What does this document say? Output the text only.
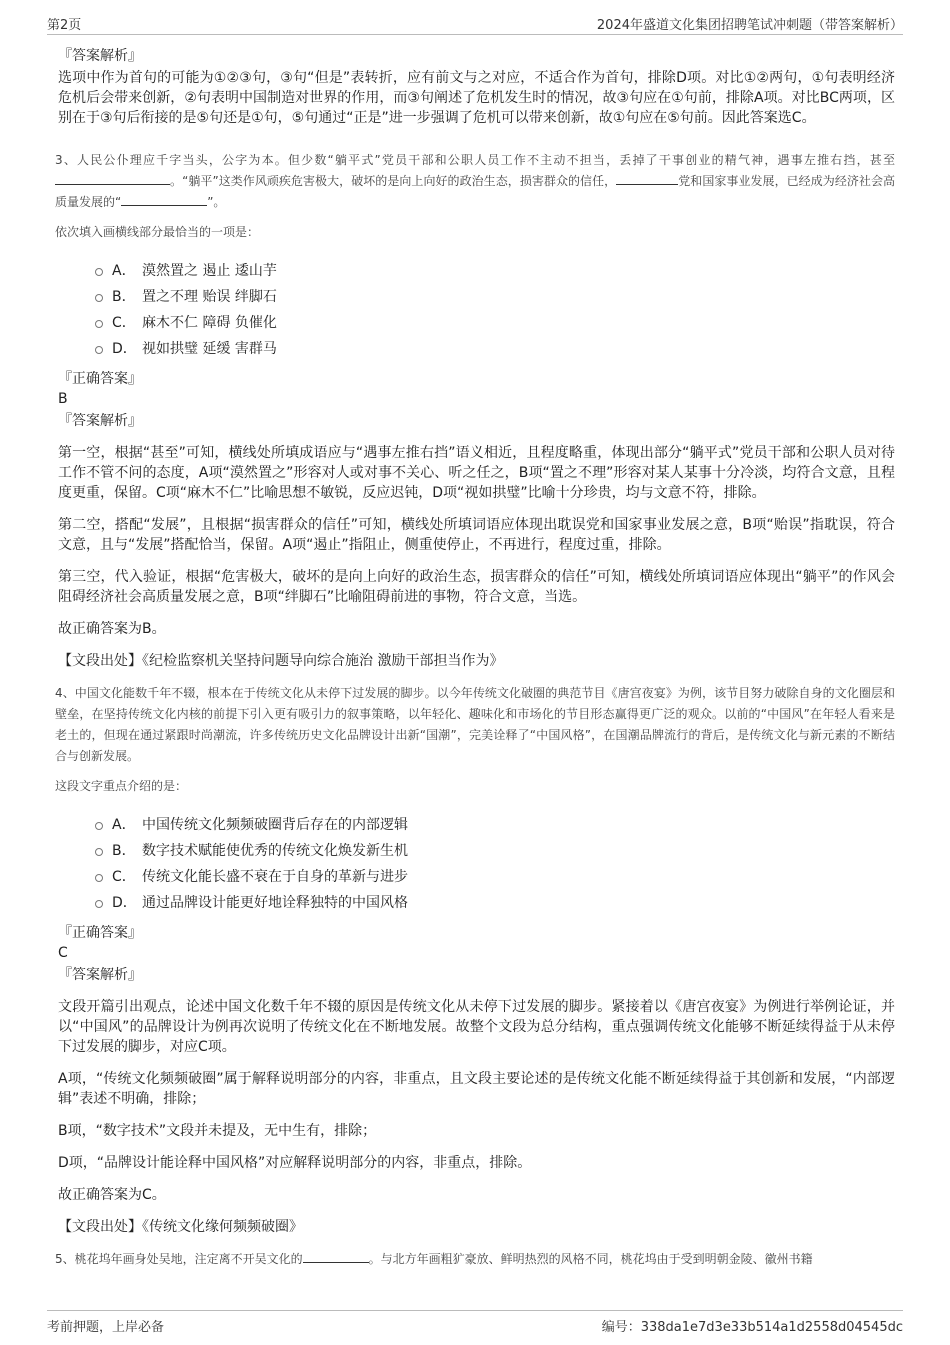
第2页	2024年盛道文化集团招聘笔试冲刺题（带答案解析）
『答案解析』
选项中作为首句的可能为①②③句，③句“但是”表转折，应有前文与之对应，不适合作为首句，排除D项。对比①②两句，①句表明经济危机后会带来创新，②句表明中国制造对世界的作用，而③句阐述了危机发生时的情况，故③句应在①句前，排除A项。对比BC两项，区别在于③句后衔接的是⑤句还是①句，⑤句通过“正是”进一步强调了危机可以带来创新，故①句应在⑤句前。因此答案选C。
3、人民公仆理应千字当头，公字为本。但少数“躺平式”党员干部和公职人员工作不主动不担当，丢掉了干事创业的精气神，遇事左推右挡，甚至。“躺平”这类作风顽疾危害极大，破坏的是向上向好的政治生态，损害群众的信任，	党和国家事业发展，已经成为经济社会高质量发展的“	”。
依次填入画横线部分最恰当的一项是：
A． 漠然置之 遏止 逶山芋
B． 置之不理 贻误 绊脚石
C． 麻木不仁 障碍 负催化
D． 视如拱璧 延缓 害群马
『正确答案』
B
『答案解析』
第一空，根据“甚至”可知，横线处所填成语应与“遇事左推右挡”语义相近，且程度略重，体现出部分“躺平式”党员干部和公职人员对待工作不管不问的态度，A项“漠然置之”形容对人或对事不关心、听之任之，B项“置之不理”形容对某人某事十分冷淡，均符合文意，且程度更重，保留。C项“麻木不仁”比喻思想不敏锐，反应迟钝，D项“视如拱璧”比喻十分珍贵，均与文意不符，排除。
第二空，搭配“发展”，且根据“损害群众的信任”可知，横线处所填词语应体现出耽误党和国家事业发展之意，B项“贻误”指耽误，符合文意，且与“发展”搭配恰当，保留。A项“遏止”指阻止，侧重使停止，不再进行，程度过重，排除。
第三空，代入验证，根据“危害极大，破坏的是向上向好的政治生态，损害群众的信任”可知，横线处所填词语应体现出“躺平”的作风会阻碍经济社会高质量发展之意，B项“绊脚石”比喻阻碍前进的事物，符合文意，当选。
故正确答案为B。
【文段出处】《纪检监察机关坚持问题导向综合施治 激励干部担当作为》
4、中国文化能数千年不辍，根本在于传统文化从未停下过发展的脚步。以今年传统文化破圈的典范节目《唐宫夜宴》为例，该节目努力破除自身的文化圈层和壁垒，在坚持传统文化内核的前提下引入更有吸引力的叙事策略，以年轻化、趣味化和市场化的节目形态赢得更广泛的观众。以前的“中国风”在年轻人看来是老土的，但现在通过紧跟时尚潮流，许多传统历史文化品牌设计出新“国潮”，完美诠释了“中国风格”，在国潮品牌流行的背后，是传统文化与新元素的不断结合与创新发展。
这段文字重点介绍的是：
A． 中国传统文化频频破圈背后存在的内部逻辑
B． 数字技术赋能使优秀的传统文化焕发新生机
C． 传统文化能长盛不衰在于自身的革新与进步
D． 通过品牌设计能更好地诠释独特的中国风格
『正确答案』
C
『答案解析』
文段开篇引出观点，论述中国文化数千年不辍的原因是传统文化从未停下过发展的脚步。紧接着以《唐宫夜宴》为例进行举例论证，并以“中国风”的品牌设计为例再次说明了传统文化在不断地发展。故整个文段为总分结构，重点强调传统文化能够不断延续得益于从未停下过发展的脚步，对应C项。
A项，“传统文化频频破圈”属于解释说明部分的内容，非重点，且文段主要论述的是传统文化能不断延续得益于其创新和发展，“内部逻辑”表述不明确，排除；
B项，“数字技术”文段并未提及，无中生有，排除；
D项，“品牌设计能诠释中国风格”对应解释说明部分的内容，非重点，排除。
故正确答案为C。
【文段出处】《传统文化缘何频频破圈》
5、桃花坞年画身处吴地，注定离不开吴文化的	。与北方年画粗犷豪放、鲜明热烈的风格不同，桃花坞由于受到明朝金陵、徽州书籍
考前押题，上岸必备	编号：338da1e7d3e33b514a1d2558d04545dc
